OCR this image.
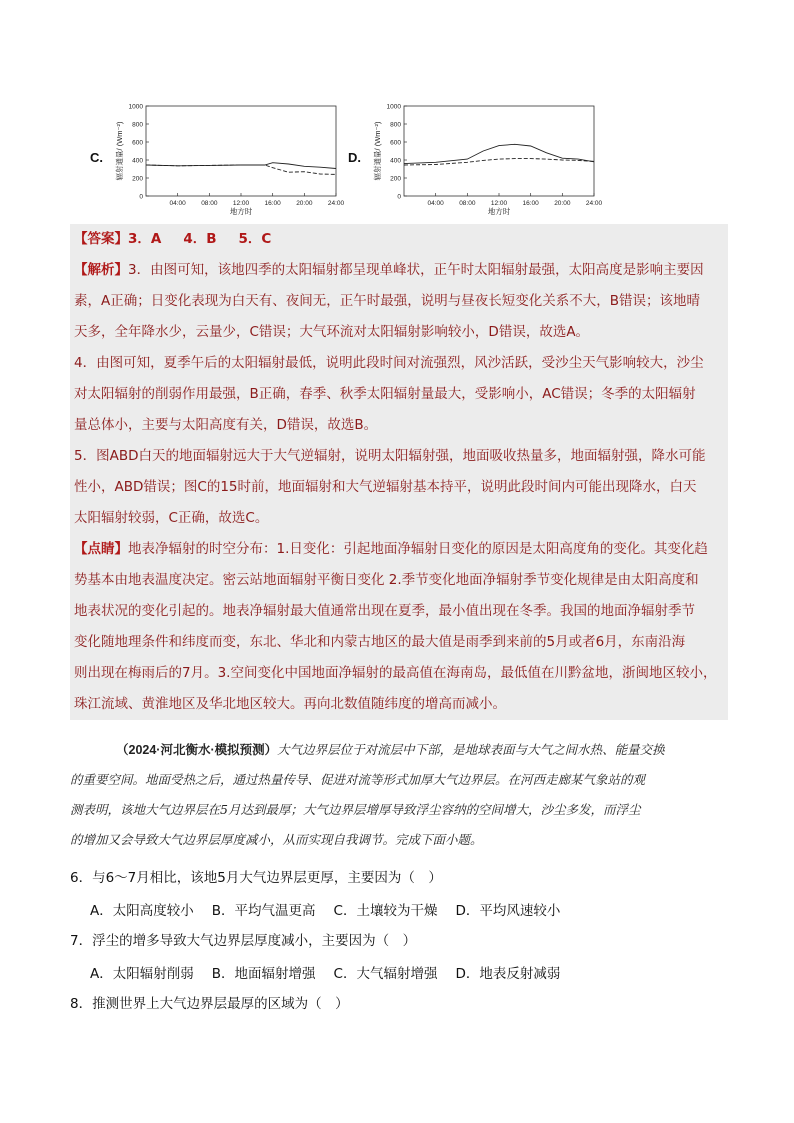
C.
1000
800
600
400
200
0
04:00 08:00 12:00 16:00 20:00 24:00
地方时
辐射通量/ (Wm⁻²)	D.
1000
800
600
400
200
0
04:00 08:00 12:00 16:00 20:00 24:00
地方时
辐射通量/ (Wm⁻²)
【答案】3．A 4．B 5．C
【解析】3．由图可知，该地四季的太阳辐射都呈现单峰状，正午时太阳辐射最强，太阳高度是影响主要因
素，A正确；日变化表现为白天有、夜间无，正午时最强，说明与昼夜长短变化关系不大，B错误；该地晴
天多，全年降水少，云量少，C错误；大气环流对太阳辐射影响较小，D错误，故选A。
4．由图可知，夏季午后的太阳辐射最低，说明此段时间对流强烈，风沙活跃，受沙尘天气影响较大，沙尘
对太阳辐射的削弱作用最强，B正确，春季、秋季太阳辐射量最大，受影响小，AC错误；冬季的太阳辐射
量总体小，主要与太阳高度有关，D错误，故选B。
5．图ABD白天的地面辐射远大于大气逆辐射，说明太阳辐射强，地面吸收热量多，地面辐射强，降水可能
性小，ABD错误；图C的15时前，地面辐射和大气逆辐射基本持平，说明此段时间内可能出现降水，白天
太阳辐射较弱，C正确，故选C。
【点睛】地表净辐射的时空分布：1.日变化：引起地面净辐射日变化的原因是太阳高度角的变化。其变化趋
势基本由地表温度决定。密云站地面辐射平衡日变化 2.季节变化地面净辐射季节变化规律是由太阳高度和
地表状况的变化引起的。地表净辐射最大值通常出现在夏季，最小值出现在冬季。我国的地面净辐射季节
变化随地理条件和纬度而变，东北、华北和内蒙古地区的最大值是雨季到来前的5月或者6月，东南沿海
则出现在梅雨后的7月。3.空间变化中国地面净辐射的最高值在海南岛，最低值在川黔盆地，浙闽地区较小，
珠江流域、黄淮地区及华北地区较大。再向北数值随纬度的增高而减小。
（2024·河北衡水·模拟预测）大气边界层位于对流层中下部，是地球表面与大气之间水热、能量交换
的重要空间。地面受热之后，通过热量传导、促进对流等形式加厚大气边界层。在河西走廊某气象站的观
测表明，该地大气边界层在5月达到最厚；大气边界层增厚导致浮尘容纳的空间增大，沙尘多发，而浮尘
的增加又会导致大气边界层厚度减小，从而实现自我调节。完成下面小题。
6．与6～7月相比，该地5月大气边界层更厚，主要因为（　）
A．太阳高度较小 B．平均气温更高 C．土壤较为干燥 D．平均风速较小
7．浮尘的增多导致大气边界层厚度减小，主要因为（　）
A．太阳辐射削弱 B．地面辐射增强 C．大气辐射增强 D．地表反射减弱
8．推测世界上大气边界层最厚的区域为（　）
